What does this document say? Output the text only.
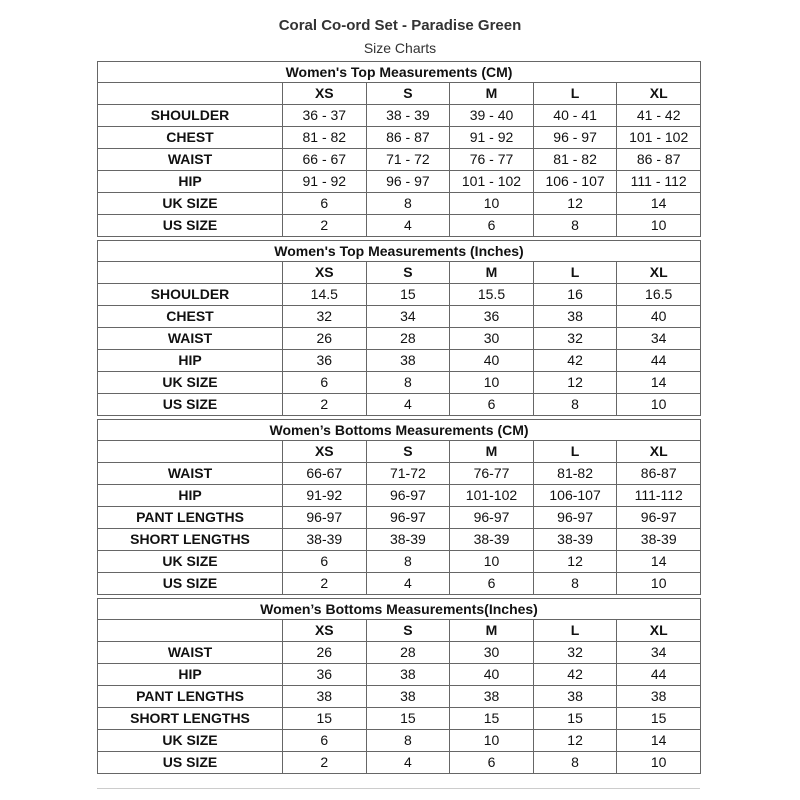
Coral Co-ord Set - Paradise Green
Size Charts
Women's Top Measurements (CM)					
	XS	S	M	L	XL
SHOULDER	36 - 37	38 - 39	39 - 40	40 - 41	41 - 42
CHEST	81 - 82	86 - 87	91 - 92	96 - 97	101 - 102
WAIST	66 - 67	71 - 72	76 - 77	81 - 82	86 - 87
HIP	91 - 92	96 - 97	101 - 102	106 - 107	111 - 112
UK SIZE	6	8	10	12	14
US SIZE	2	4	6	8	10
Women's Top Measurements (Inches)					
	XS	S	M	L	XL
SHOULDER	14.5	15	15.5	16	16.5
CHEST	32	34	36	38	40
WAIST	26	28	30	32	34
HIP	36	38	40	42	44
UK SIZE	6	8	10	12	14
US SIZE	2	4	6	8	10
Women’s Bottoms Measurements (CM)					
	XS	S	M	L	XL
WAIST	66-67	71-72	76-77	81-82	86-87
HIP	91-92	96-97	101-102	106-107	111-112
PANT LENGTHS	96-97	96-97	96-97	96-97	96-97
SHORT LENGTHS	38-39	38-39	38-39	38-39	38-39
UK SIZE	6	8	10	12	14
US SIZE	2	4	6	8	10
Women’s Bottoms Measurements(Inches)					
	XS	S	M	L	XL
WAIST	26	28	30	32	34
HIP	36	38	40	42	44
PANT LENGTHS	38	38	38	38	38
SHORT LENGTHS	15	15	15	15	15
UK SIZE	6	8	10	12	14
US SIZE	2	4	6	8	10
